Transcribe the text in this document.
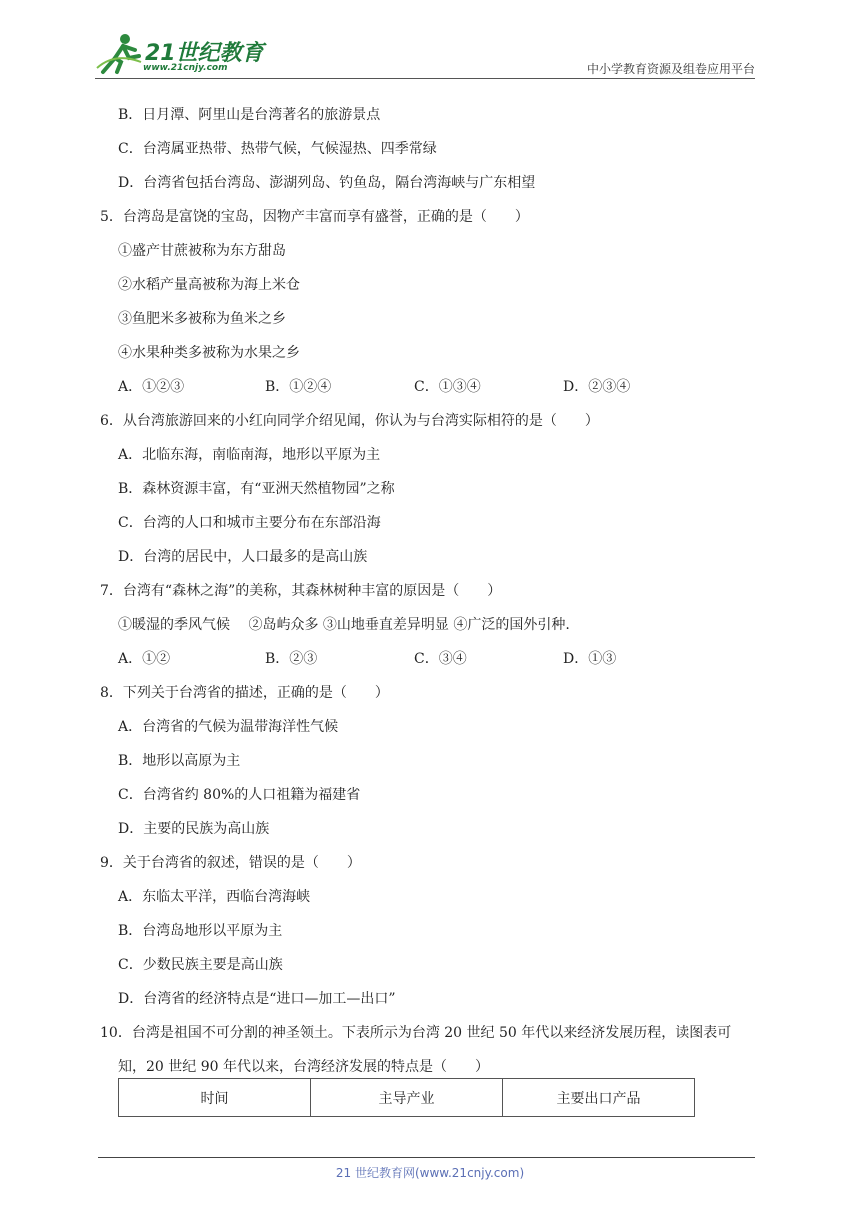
21世纪教育
www.21cnjy.com	中小学教育资源及组卷应用平台
B．日月潭、阿里山是台湾著名的旅游景点
C．台湾属亚热带、热带气候，气候湿热、四季常绿
D．台湾省包括台湾岛、澎湖列岛、钓鱼岛，隔台湾海峡与广东相望
5．台湾岛是富饶的宝岛，因物产丰富而享有盛誉，正确的是（　　）
①盛产甘蔗被称为东方甜岛
②水稻产量高被称为海上米仓
③鱼肥米多被称为鱼米之乡
④水果种类多被称为水果之乡
A．①②③	B．①②④	C．①③④	D．②③④
6．从台湾旅游回来的小红向同学介绍见闻，你认为与台湾实际相符的是（　　）
A．北临东海，南临南海，地形以平原为主
B．森林资源丰富，有“亚洲天然植物园”之称
C．台湾的人口和城市主要分布在东部沿海
D．台湾的居民中，人口最多的是高山族
7．台湾有“森林之海”的美称，其森林树种丰富的原因是（　　）
①暖湿的季风气候　 ②岛屿众多 ③山地垂直差异明显 ④广泛的国外引种.
A．①②	B．②③	C．③④	D．①③
8．下列关于台湾省的描述，正确的是（　　）
A．台湾省的气候为温带海洋性气候
B．地形以高原为主
C．台湾省约 80%的人口祖籍为福建省
D．主要的民族为高山族
9．关于台湾省的叙述，错误的是（　　）
A．东临太平洋，西临台湾海峡
B．台湾岛地形以平原为主
C．少数民族主要是高山族
D．台湾省的经济特点是“进口—加工—出口”
10．台湾是祖国不可分割的神圣领土。下表所示为台湾 20 世纪 50 年代以来经济发展历程，读图表可
知，20 世纪 90 年代以来，台湾经济发展的特点是（　　）
时间	主导产业	主要出口产品
21 世纪教育网(www.21cnjy.com)
